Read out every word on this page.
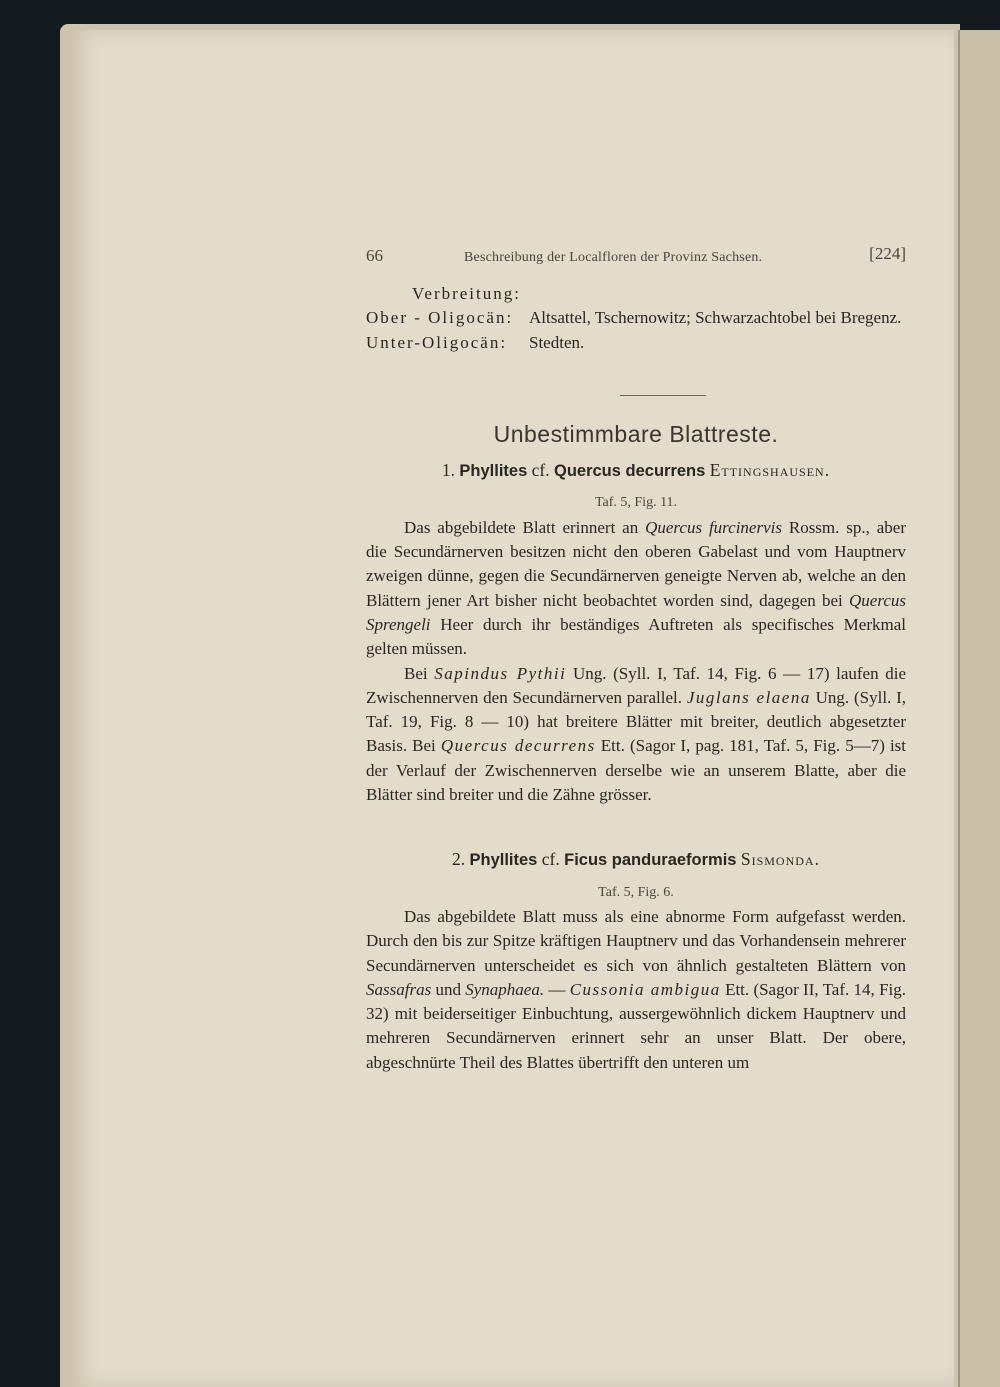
66	Beschreibung der Localfloren der Provinz Sachsen.	[224]
Verbreitung:
Ober - Oligocän: Altsattel, Tschernowitz; Schwarzachtobel bei Bregenz.
Unter-Oligocän:	Stedten.
Unbestimmbare Blattreste.
1. Phyllites cf. Quercus decurrens Ettingshausen.
Taf. 5, Fig. 11.

Das abgebildete Blatt erinnert an Quercus furcinervis Rossm. sp., aber die Secundärnerven besitzen nicht den oberen Gabelast und vom Hauptnerv zweigen dünne, gegen die Secundärnerven geneigte Nerven ab, welche an den Blättern jener Art bisher nicht beobachtet worden sind, dagegen bei Quercus Sprengeli Heer durch ihr beständiges Auftreten als specifisches Merkmal gelten müssen.

Bei Sapindus Pythii Ung. (Syll. I, Taf. 14, Fig. 6 — 17) laufen die Zwischennerven den Secundärnerven parallel. Juglans elaena Ung. (Syll. I, Taf. 19, Fig. 8 — 10) hat breitere Blätter mit breiter, deutlich abgesetzter Basis. Bei Quercus decurrens Ett. (Sagor I, pag. 181, Taf. 5, Fig. 5—7) ist der Verlauf der Zwischennerven derselbe wie an unserem Blatte, aber die Blätter sind breiter und die Zähne grösser.

2. Phyllites cf. Ficus panduraeformis Sismonda.
Taf. 5, Fig. 6.

Das abgebildete Blatt muss als eine abnorme Form aufgefasst werden. Durch den bis zur Spitze kräftigen Hauptnerv und das Vorhandensein mehrerer Secundärnerven unterscheidet es sich von ähnlich gestalteten Blättern von Sassafras und Synaphaea. — Cussonia ambigua Ett. (Sagor II, Taf. 14, Fig. 32) mit beiderseitiger Einbuchtung, aussergewöhnlich dickem Hauptnerv und mehreren Secundärnerven erinnert sehr an unser Blatt. Der obere, abgeschnürte Theil des Blattes übertrifft den unteren um
